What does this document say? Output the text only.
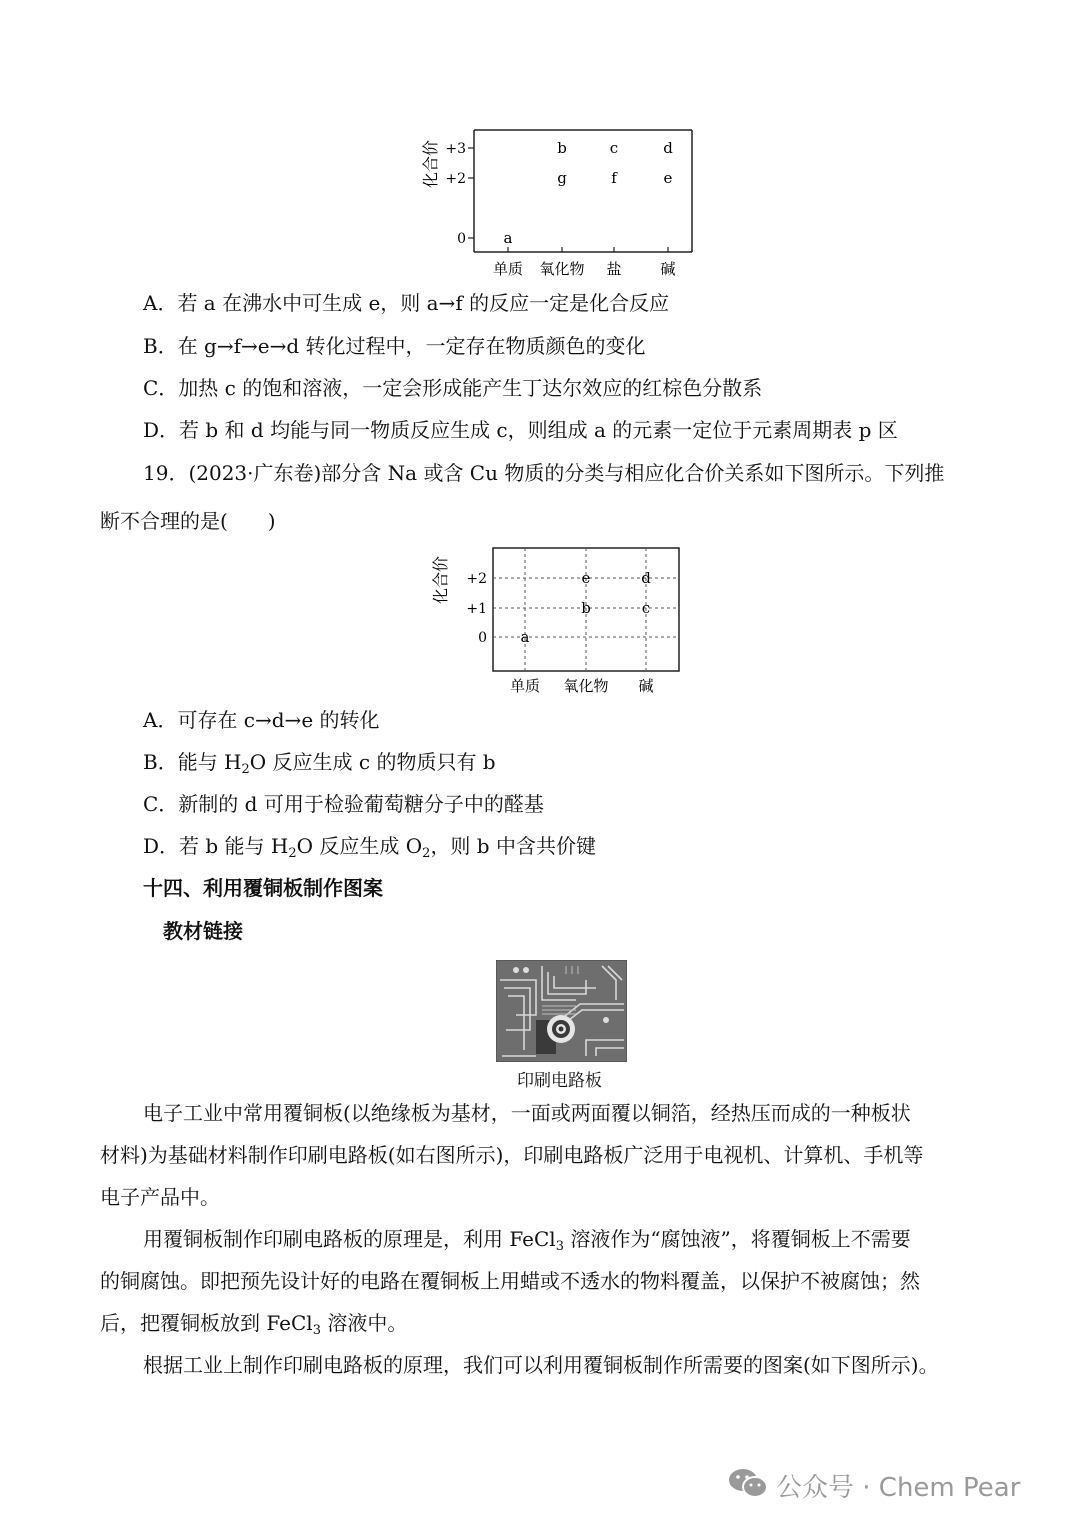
化合价 +3
+2
0	a
b
g
c
f
d
e
单质 氧化物 盐	碱
A．若 a 在沸水中可生成 e，则 a→f 的反应一定是化合反应
B．在 g→f→e→d 转化过程中，一定存在物质颜色的变化
C．加热 c 的饱和溶液，一定会形成能产生丁达尔效应的红棕色分散系
D．若 b 和 d 均能与同一物质反应生成 c，则组成 a 的元素一定位于元素周期表 p 区
19．(2023·广东卷)部分含 Na 或含 Cu 物质的分类与相应化合价关系如下图所示。下列推
断不合理的是(　　)
化合价 +2
+1
0 a
e
b
d
c
单质 氧化物 碱
A．可存在 c→d→e 的转化
B．能与 $H_2O$ 反应生成 c 的物质只有 b
C．新制的 d 可用于检验葡萄糖分子中的醛基
D．若 b 能与 $H_2O$ 反应生成 $O_2$，则 b 中含共价键
十四、利用覆铜板制作图案
教材链接
印刷电路板
电子工业中常用覆铜板(以绝缘板为基材，一面或两面覆以铜箔，经热压而成的一种板状
材料)为基础材料制作印刷电路板(如右图所示)，印刷电路板广泛用于电视机、计算机、手机等
电子产品中。
用覆铜板制作印刷电路板的原理是，利用 FeCl$_3$ 溶液作为“腐蚀液”，将覆铜板上不需要
的铜腐蚀。即把预先设计好的电路在覆铜板上用蜡或不透水的物料覆盖，以保护不被腐蚀；然
后，把覆铜板放到 FeCl$_3$ 溶液中。
根据工业上制作印刷电路板的原理，我们可以利用覆铜板制作所需要的图案(如下图所示)。
公众号 · Chem Pear
